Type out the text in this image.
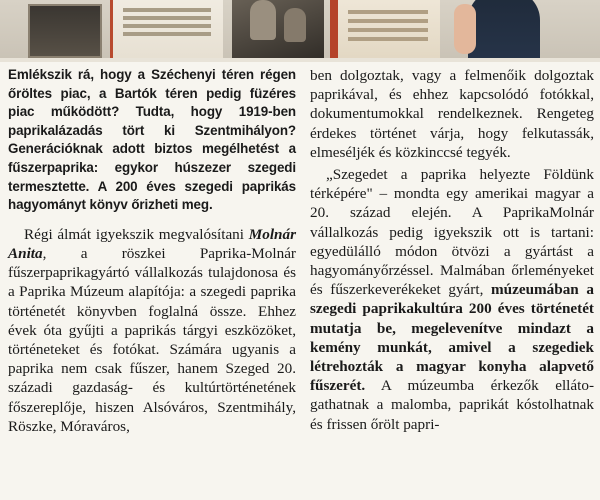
Emlékszik rá, hogy a Széchenyi téren régen őröltes piac, a Bartók téren pedig füzéres piac működött? Tudta, hogy 1919-ben paprikalázadás tört ki Szentmihályon? Generációknak adott biztos megélhetést a fűszerpaprika: egykor húszezer szegedi termesztette. A 200 éves szegedi paprikás hagyományt könyv őrizheti meg.

Régi álmát igyekszik megvalósítani Molnár Anita, a röszkei Paprika-Molnár fűszerpaprikagyártó vállalkozás tulajdonosa és a Paprika Múzeum alapítója: a szegedi paprika történetét könyvben foglalná össze. Ehhez évek óta gyűjti a paprikás tárgyi eszközöket, történeteket és fotókat. Számára ugyanis a paprika nem csak fűszer, hanem Szeged 20. századi gazdaság- és kultúrtörténetének főszereplője, hiszen Alsóváros, Szentmihály, Röszke, Móraváros,

ben dolgoztak, vagy a felmenőik dolgoztak paprikával, és ehhez kapcsolódó fotókkal, dokumentumokkal rendelkeznek. Rengeteg érdekes történet várja, hogy felkutassák, elmeséljék és közkinccsé tegyék.

„Szegedet a paprika helyezte Földünk térképére" – mondta egy amerikai magyar a 20. század elején. A PaprikaMolnár vállalkozás pedig igyekszik ott is tartani: egyedülálló módon ötvözi a gyártást a hagyományőrzéssel. Malmában őrleményeket és fűszerkeverékeket gyárt, múzeumában a szegedi paprikakultúra 200 éves történetét mutatja be, megelevenítve mindazt a kemény munkát, amivel a szegediek létrehozták a magyar konyha alapvető fűszerét. A múzeumba érkezők ellátogathatnak a malomba, paprikát kóstolhatnak és frissen őrölt papri-
